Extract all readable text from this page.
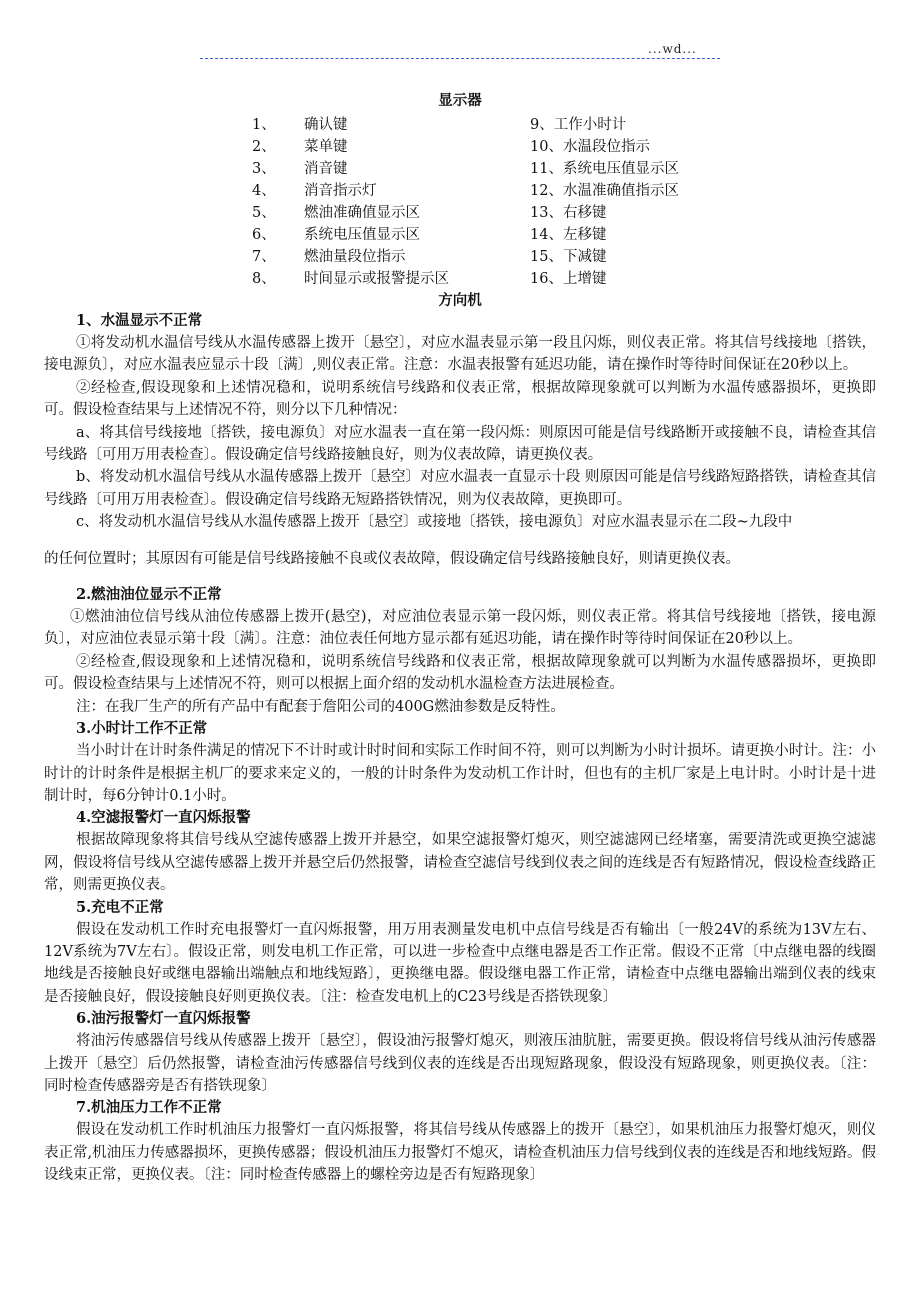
...wd...
显示器
1、 确认键	9、工作小时计
2、 菜单键	10、水温段位指示
3、 消音键	11、系统电压值显示区
4、 消音指示灯	12、水温准确值指示区
5、 燃油准确值显示区	13、右移键
6、 系统电压值显示区	14、左移键
7、 燃油量段位指示	15、下减键
8、 时间显示或报警提示区	16、上增键
方向机
1、水温显示不正常
①将发动机水温信号线从水温传感器上拨开〔悬空〕，对应水温表显示第一段且闪烁，则仪表正常。将其信号线接地〔搭铁，接电源负〕，对应水温表应显示十段〔满〕,则仪表正常。注意：水温表报警有延迟功能，请在操作时等待时间保证在20秒以上。
②经检查,假设现象和上述情况稳和，说明系统信号线路和仪表正常，根据故障现象就可以判断为水温传感器损坏，更换即可。假设检查结果与上述情况不符，则分以下几种情况：
a、将其信号线接地〔搭铁，接电源负〕对应水温表一直在第一段闪烁：则原因可能是信号线路断开或接触不良，请检查其信号线路〔可用万用表检查〕。假设确定信号线路接触良好，则为仪表故障，请更换仪表。
b、将发动机水温信号线从水温传感器上拨开〔悬空〕对应水温表一直显示十段 则原因可能是信号线路短路搭铁，请检查其信号线路〔可用万用表检查〕。假设确定信号线路无短路搭铁情况，则为仪表故障，更换即可。
c、将发动机水温信号线从水温传感器上拨开〔悬空〕或接地〔搭铁，接电源负〕对应水温表显示在二段~九段中
的任何位置时；其原因有可能是信号线路接触不良或仪表故障，假设确定信号线路接触良好，则请更换仪表。
2.燃油油位显示不正常
①燃油油位信号线从油位传感器上拨开(悬空)，对应油位表显示第一段闪烁，则仪表正常。将其信号线接地〔搭铁，接电源负〕，对应油位表显示第十段〔满〕。注意：油位表任何地方显示都有延迟功能，请在操作时等待时间保证在20秒以上。
②经检查,假设现象和上述情况稳和，说明系统信号线路和仪表正常，根据故障现象就可以判断为水温传感器损坏，更换即可。假设检查结果与上述情况不符，则可以根据上面介绍的发动机水温检查方法进展检查。
注：在我厂生产的所有产品中有配套于詹阳公司的400G燃油参数是反特性。
3.小时计工作不正常
当小时计在计时条件满足的情况下不计时或计时时间和实际工作时间不符，则可以判断为小时计损坏。请更换小时计。注：小时计的计时条件是根据主机厂的要求来定义的，一般的计时条件为发动机工作计时，但也有的主机厂家是上电计时。小时计是十进制计时，每6分钟计0.1小时。
4.空滤报警灯一直闪烁报警
根据故障现象将其信号线从空滤传感器上拨开并悬空，如果空滤报警灯熄灭，则空滤滤网已经堵塞，需要清洗或更换空滤滤网，假设将信号线从空滤传感器上拨开并悬空后仍然报警，请检查空滤信号线到仪表之间的连线是否有短路情况，假设检查线路正常，则需更换仪表。
5.充电不正常
假设在发动机工作时充电报警灯一直闪烁报警，用万用表测量发电机中点信号线是否有输出〔一般24V的系统为13V左右、12V系统为7V左右〕。假设正常，则发电机工作正常，可以进一步检查中点继电器是否工作正常。假设不正常〔中点继电器的线圈地线是否接触良好或继电器输出端触点和地线短路〕，更换继电器。假设继电器工作正常，请检查中点继电器输出端到仪表的线束是否接触良好，假设接触良好则更换仪表。〔注：检查发电机上的C23号线是否搭铁现象〕
6.油污报警灯一直闪烁报警
将油污传感器信号线从传感器上拨开〔悬空〕，假设油污报警灯熄灭，则液压油肮脏，需要更换。假设将信号线从油污传感器上拨开〔悬空〕后仍然报警，请检查油污传感器信号线到仪表的连线是否出现短路现象，假设没有短路现象，则更换仪表。〔注：同时检查传感器旁是否有搭铁现象〕
7.机油压力工作不正常
假设在发动机工作时机油压力报警灯一直闪烁报警，将其信号线从传感器上的拨开〔悬空〕，如果机油压力报警灯熄灭，则仪表正常,机油压力传感器损坏，更换传感器；假设机油压力报警灯不熄灭，请检查机油压力信号线到仪表的连线是否和地线短路。假设线束正常，更换仪表。〔注：同时检查传感器上的螺栓旁边是否有短路现象〕
